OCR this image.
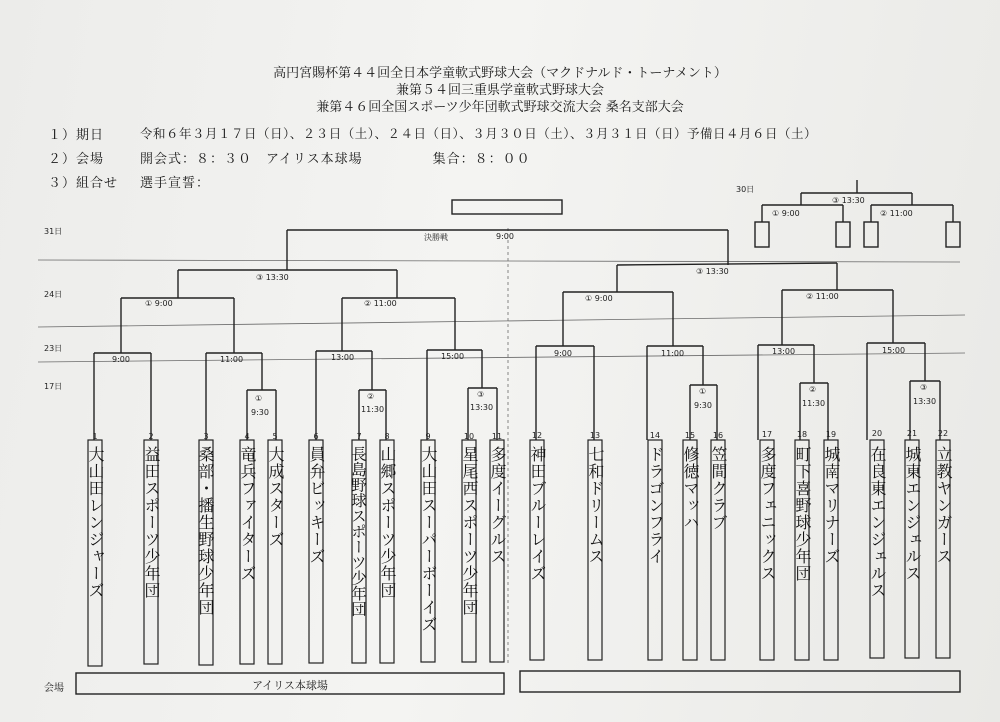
高円宮賜杯第４４回全日本学童軟式野球大会（マクドナルド・トーナメント）
兼第５４回三重県学童軟式野球大会
兼第４６回全国スポーツ少年団軟式野球交流大会 桑名支部大会
１）期日	令和６年３月１７日（日）、２３日（土）、２４日（日）、３月３０日（土）、３月３１日（日）予備日４月６日（土）
２）会場	開会式：８：３０　アイリス本球場　　　　　集合：８：００
３）組合せ 選手宣誓：	30日
31日
24日
23日
17日
決勝戦	9:00
③ 13:30
③ 13:30
③ 13:30
① 9:00	② 11:00
① 9:00	② 11:00
① 9:00	② 11:00
9:00	11:00	13:00	15:00	9:00	11:00	13:00	15:00
①
9:30
②
11:30
③
13:30
①
9:30
②
11:30
③
13:30
1	2	3	4	5	6	7	8	9	10	11	12	13	14	15	16	17	18	19	20	21	22
大山田レンジャーズ 益田スポーツ少年団 桑部・播生野球少年団 竜兵ファイターズ 大成スターズ 員弁ビッキーズ 長島野球スポーツ少年団 山郷スポーツ少年団 大山田スーパーボーイズ 星尾西スポーツ少年団 多度イーグルス 神田ブルーレイズ 七和ドリームス	ドラゴンフライ 修徳マッハ 笠間クラブ 多度フェニックス 町下喜野球少年団 城南マリナーズ 在良東エンジェルス 城東エンジェルス 立教ヤンガース
会場	アイリス本球場
